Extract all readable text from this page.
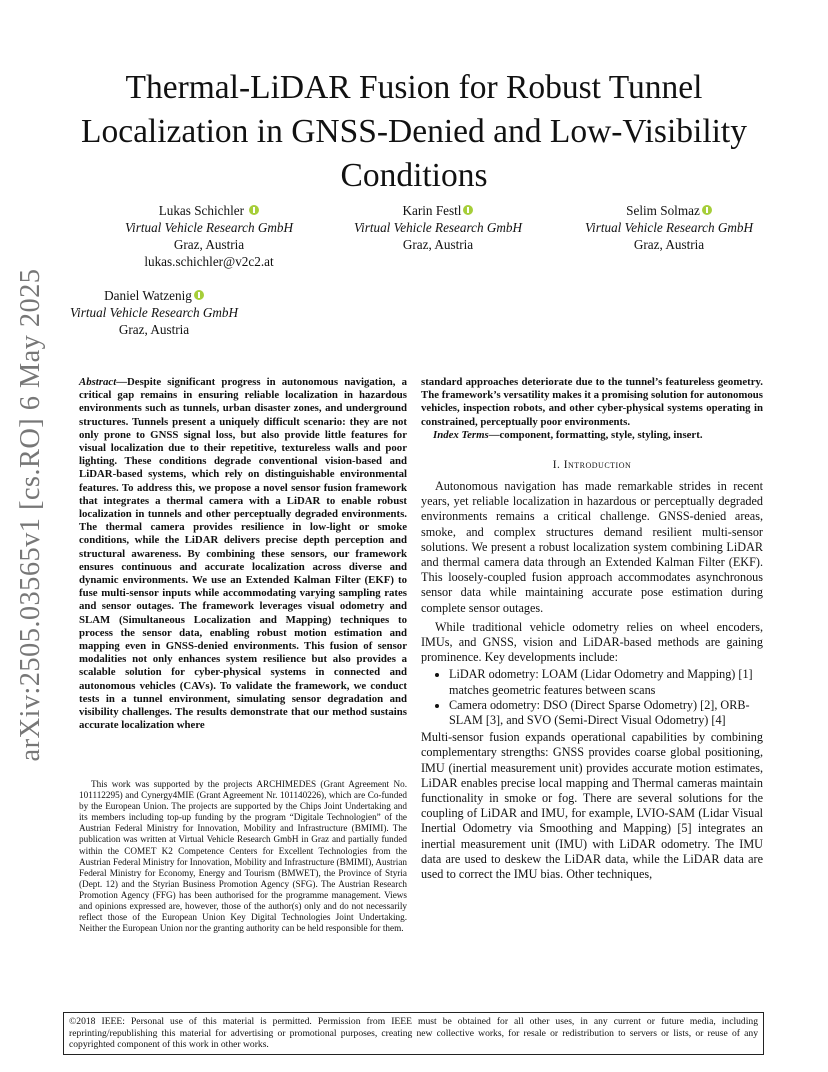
arXiv:2505.03565v1 [cs.RO] 6 May 2025
Thermal-LiDAR Fusion for Robust Tunnel Localization in GNSS-Denied and Low-Visibility Conditions
Lukas Schichler
Virtual Vehicle Research GmbH
Graz, Austria
lukas.schichler@v2c2.at
Karin Festl
Virtual Vehicle Research GmbH
Graz, Austria
Selim Solmaz
Virtual Vehicle Research GmbH
Graz, Austria
Daniel Watzenig
Virtual Vehicle Research GmbH
Graz, Austria

Abstract—Despite significant progress in autonomous navigation, a critical gap remains in ensuring reliable localization in hazardous environments such as tunnels, urban disaster zones, and underground structures. Tunnels present a uniquely difficult scenario: they are not only prone to GNSS signal loss, but also provide little features for visual localization due to their repetitive, textureless walls and poor lighting. These conditions degrade conventional vision-based and LiDAR-based systems, which rely on distinguishable environmental features. To address this, we propose a novel sensor fusion framework that integrates a thermal camera with a LiDAR to enable robust localization in tunnels and other perceptually degraded environments. The thermal camera provides resilience in low-light or smoke conditions, while the LiDAR delivers precise depth perception and structural awareness. By combining these sensors, our framework ensures continuous and accurate localization across diverse and dynamic environments. We use an Extended Kalman Filter (EKF) to fuse multi-sensor inputs while accommodating varying sampling rates and sensor outages. The framework leverages visual odometry and SLAM (Simultaneous Localization and Mapping) techniques to process the sensor data, enabling robust motion estimation and mapping even in GNSS-denied environments. This fusion of sensor modalities not only enhances system resilience but also provides a scalable solution for cyber-physical systems in connected and autonomous vehicles (CAVs). To validate the framework, we conduct tests in a tunnel environment, simulating sensor degradation and visibility challenges. The results demonstrate that our method sustains accurate localization where

This work was supported by the projects ARCHIMEDES (Grant Agreement No. 101112295) and Cynergy4MIE (Grant Agreement Nr. 101140226), which are Co-funded by the European Union. The projects are supported by the Chips Joint Undertaking and its members including top-up funding by the program “Digitale Technologien” of the Austrian Federal Ministry for Innovation, Mobility and Infrastructure (BMIMI). The publication was written at Virtual Vehicle Research GmbH in Graz and partially funded within the COMET K2 Competence Centers for Excellent Technologies from the Austrian Federal Ministry for Innovation, Mobility and Infrastructure (BMIMI), Austrian Federal Ministry for Economy, Energy and Tourism (BMWET), the Province of Styria (Dept. 12) and the Styrian Business Promotion Agency (SFG). The Austrian Research Promotion Agency (FFG) has been authorised for the programme management. Views and opinions expressed are, however, those of the author(s) only and do not necessarily reflect those of the European Union Key Digital Technologies Joint Undertaking. Neither the European Union nor the granting authority can be held responsible for them.

standard approaches deteriorate due to the tunnel’s featureless geometry. The framework’s versatility makes it a promising solution for autonomous vehicles, inspection robots, and other cyber-physical systems operating in constrained, perceptually poor environments.

Index Terms—component, formatting, style, styling, insert.

I. Introduction

Autonomous navigation has made remarkable strides in recent years, yet reliable localization in hazardous or perceptually degraded environments remains a critical challenge. GNSS-denied areas, smoke, and complex structures demand resilient multi-sensor solutions. We present a robust localization system combining LiDAR and thermal camera data through an Extended Kalman Filter (EKF). This loosely-coupled fusion approach accommodates asynchronous sensor data while maintaining accurate pose estimation during complete sensor outages.

While traditional vehicle odometry relies on wheel encoders, IMUs, and GNSS, vision and LiDAR-based methods are gaining prominence. Key developments include:

• LiDAR odometry: LOAM (Lidar Odometry and Mapping) [1] matches geometric features between scans
• Camera odometry: DSO (Direct Sparse Odometry) [2], ORB-SLAM [3], and SVO (Semi-Direct Visual Odometry) [4]

Multi-sensor fusion expands operational capabilities by combining complementary strengths: GNSS provides coarse global positioning, IMU (inertial measurement unit) provides accurate motion estimates, LiDAR enables precise local mapping and Thermal cameras maintain functionality in smoke or fog. There are several solutions for the coupling of LiDAR and IMU, for example, LVIO-SAM (Lidar Visual Inertial Odometry via Smoothing and Mapping) [5] integrates an inertial measurement unit (IMU) with LiDAR odometry. The IMU data are used to deskew the LiDAR data, while the LiDAR data are used to correct the IMU bias. Other techniques,

©2018 IEEE: Personal use of this material is permitted. Permission from IEEE must be obtained for all other uses, in any current or future media, including reprinting/republishing this material for advertising or promotional purposes, creating new collective works, for resale or redistribution to servers or lists, or reuse of any copyrighted component of this work in other works.
